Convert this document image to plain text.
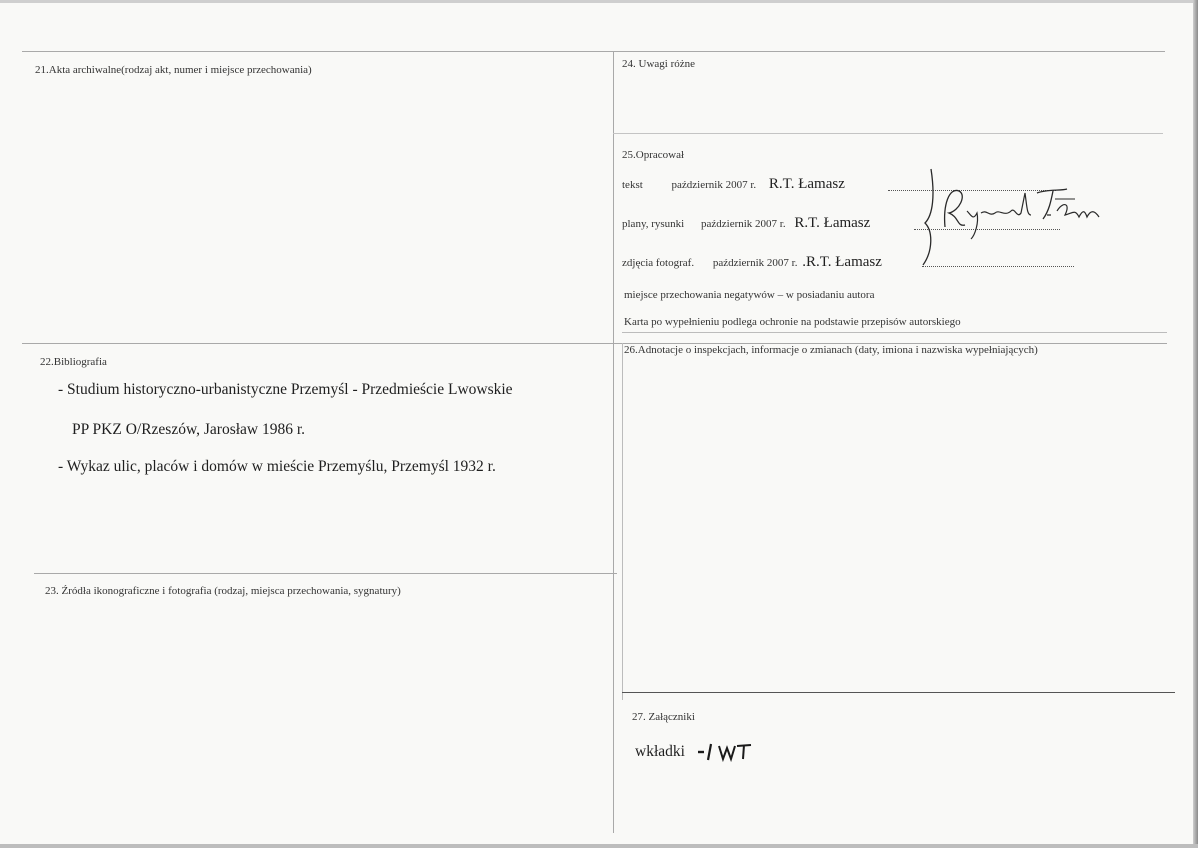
21.Akta archiwalne(rodzaj akt, numer i miejsce przechowania)	24. Uwagi różne
25.Opracował
tekst	październik 2007 r. R.T. Łamasz
plany, rysunki październik 2007 r. R.T. Łamasz
zdjęcia fotograf. październik 2007 r. .R.T. Łamasz
miejsce przechowania negatywów – w posiadaniu autora
Karta po wypełnieniu podlega ochronie na podstawie przepisów autorskiego
22.Bibliografia
- Studium historyczno-urbanistyczne Przemyśl - Przedmieście Lwowskie
PP PKZ O/Rzeszów, Jarosław 1986 r.
- Wykaz ulic, placów i domów w mieście Przemyślu, Przemyśl 1932 r.
23. Źródła ikonograficzne i fotografia (rodzaj, miejsca przechowania, sygnatury)
26.Adnotacje o inspekcjach, informacje o zmianach (daty, imiona i nazwiska wypełniających)
27. Załączniki
wkładki
